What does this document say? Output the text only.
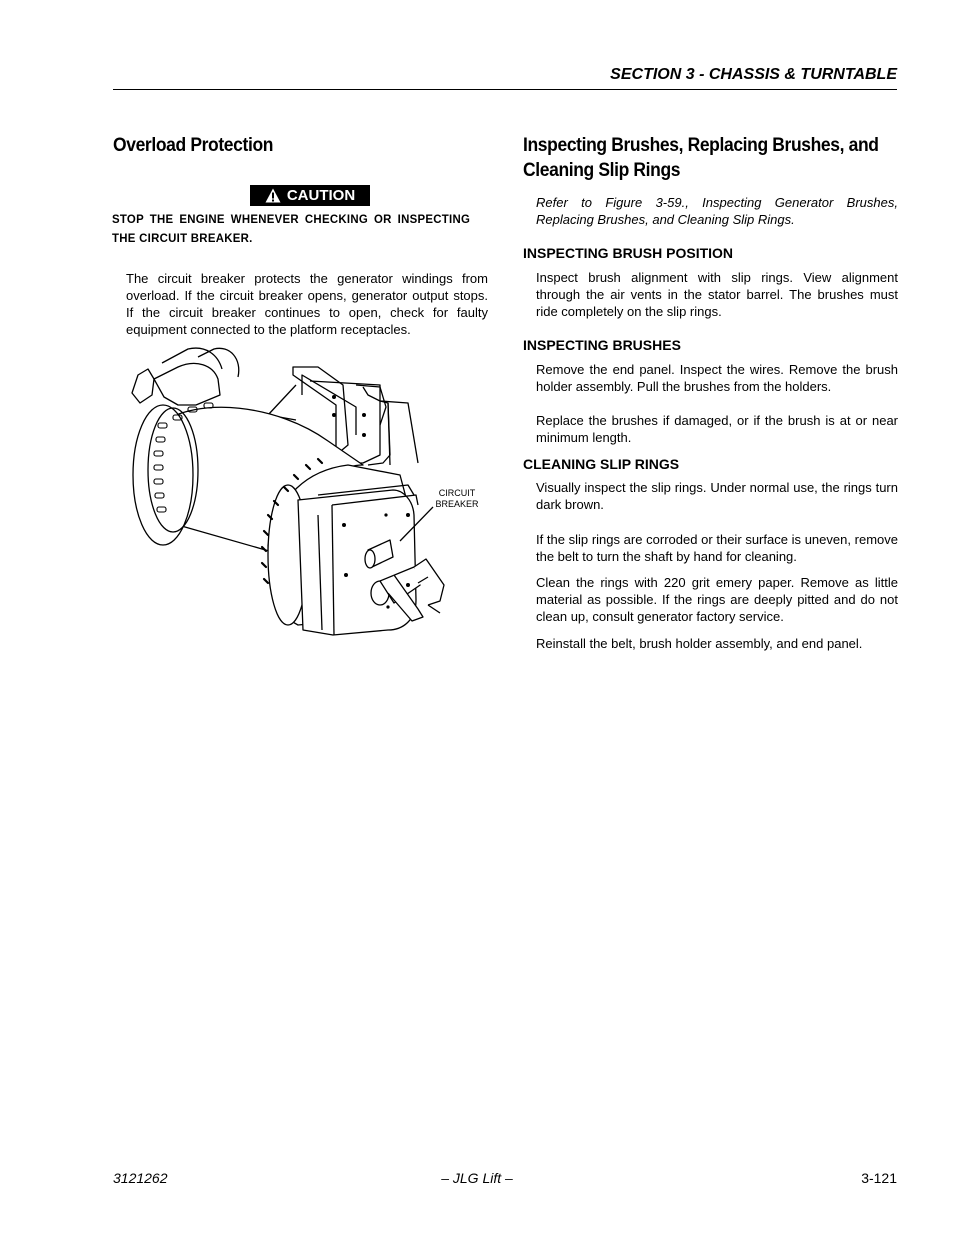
SECTION 3 - CHASSIS & TURNTABLE
Overload Protection
CAUTION
STOP THE ENGINE WHENEVER CHECKING OR INSPECTING THE CIRCUIT BREAKER.
The circuit breaker protects the generator windings from overload. If the circuit breaker opens, generator output stops. If the circuit breaker continues to open, check for faulty equipment connected to the platform receptacles.
CIRCUIT
BREAKER
Inspecting Brushes, Replacing Brushes, and Cleaning Slip Rings
Refer to Figure 3-59., Inspecting Generator Brushes, Replacing Brushes, and Cleaning Slip Rings.
INSPECTING BRUSH POSITION
Inspect brush alignment with slip rings. View alignment through the air vents in the stator barrel. The brushes must ride completely on the slip rings.
INSPECTING BRUSHES
Remove the end panel. Inspect the wires. Remove the brush holder assembly. Pull the brushes from the holders.
Replace the brushes if damaged, or if the brush is at or near minimum length.
CLEANING SLIP RINGS
Visually inspect the slip rings. Under normal use, the rings turn dark brown.
If the slip rings are corroded or their surface is uneven, remove the belt to turn the shaft by hand for cleaning.
Clean the rings with 220 grit emery paper. Remove as little material as possible. If the rings are deeply pitted and do not clean up, consult generator factory service.
Reinstall the belt, brush holder assembly, and end panel.
3121262	– JLG Lift –	3-121
